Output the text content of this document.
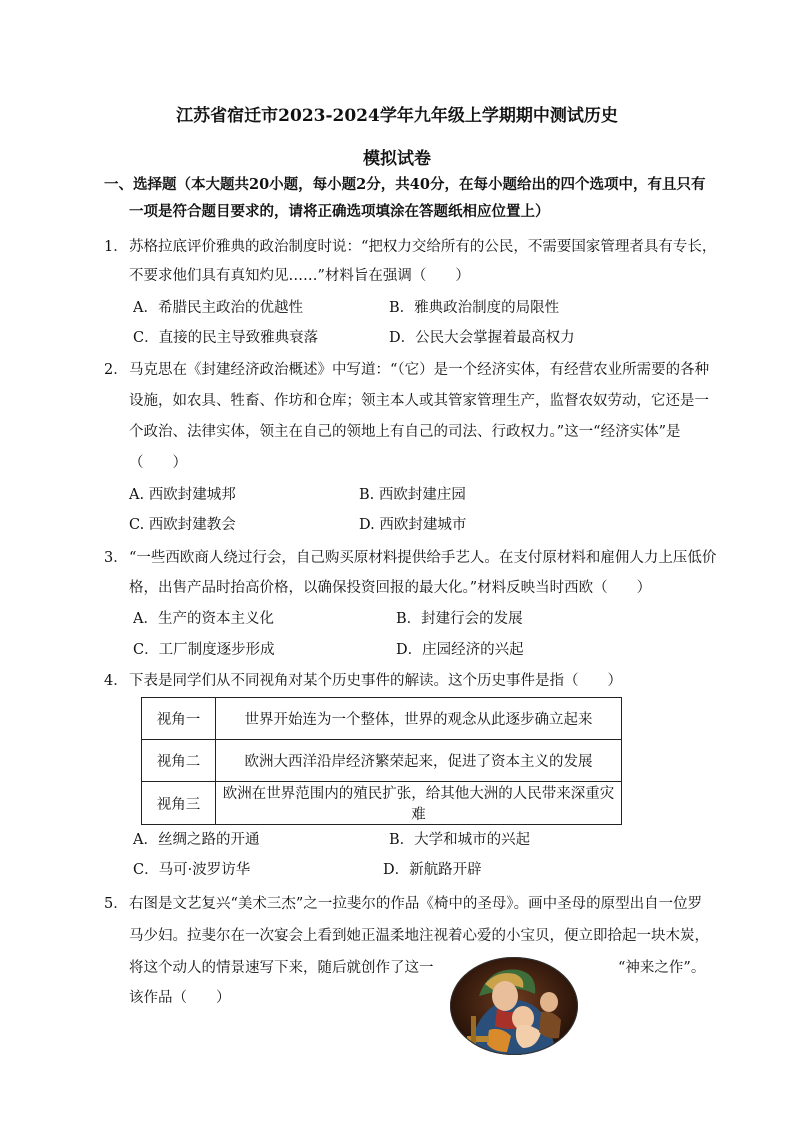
江苏省宿迁市2023-2024学年九年级上学期期中测试历史
模拟试卷
一、选择题（本大题共20小题，每小题2分，共40分，在每小题给出的四个选项中，有且只有
一项是符合题目要求的，请将正确选项填涂在答题纸相应位置上）
1． 苏格拉底评价雅典的政治制度时说：“把权力交给所有的公民，不需要国家管理者具有专长，
不要求他们具有真知灼见……”材料旨在强调（　　）
A．希腊民主政治的优越性	B．雅典政治制度的局限性
C．直接的民主导致雅典衰落	D．公民大会掌握着最高权力
2． 马克思在《封建经济政治概述》中写道：“（它）是一个经济实体，有经营农业所需要的各种
设施，如农具、牲畜、作坊和仓库；领主本人或其管家管理生产，监督农奴劳动，它还是一
个政治、法律实体，领主在自己的领地上有自己的司法、行政权力。”这一“经济实体”是
（　　）
A. 西欧封建城邦	B. 西欧封建庄园
C. 西欧封建教会	D. 西欧封建城市
3． “一些西欧商人绕过行会，自己购买原材料提供给手艺人。在支付原材料和雇佣人力上压低价
格，出售产品时抬高价格，以确保投资回报的最大化。”材料反映当时西欧（　　）
A．生产的资本主义化	B．封建行会的发展
C．工厂制度逐步形成	D．庄园经济的兴起
4． 下表是同学们从不同视角对某个历史事件的解读。这个历史事件是指（　　）
视角一	世界开始连为一个整体，世界的观念从此逐步确立起来
视角二	欧洲大西洋沿岸经济繁荣起来，促进了资本主义的发展
视角三	欧洲在世界范围内的殖民扩张，给其他大洲的人民带来深重灾难
A．丝绸之路的开通	B．大学和城市的兴起
C．马可·波罗访华	D．新航路开辟
5． 右图是文艺复兴“美术三杰”之一拉斐尔的作品《椅中的圣母》。画中圣母的原型出自一位罗
马少妇。拉斐尔在一次宴会上看到她正温柔地注视着心爱的小宝贝，便立即拾起一块木炭，
将这个动人的情景速写下来，随后就创作了这一	“神来之作”。
该作品（　　）
